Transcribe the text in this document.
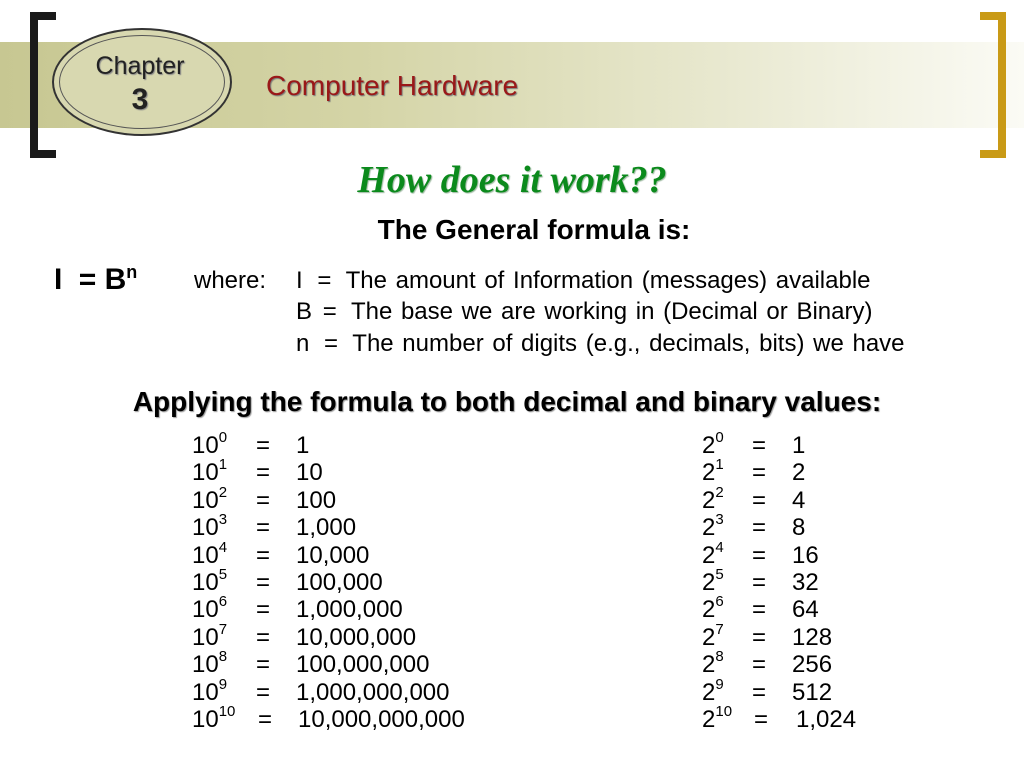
Chapter
3	Computer Hardware
How does it work??
The General formula is:
$I = B^n$ where: I = The amount of Information (messages) available
B = The base we are working in (Decimal or Binary)
n = The number of digits (e.g., decimals, bits) we have
Applying the formula to both decimal and binary values:
$10^0 = 1$
$10^1 = 10$
$10^2 = 100$
$10^3 = 1,000$
$10^4 = 10,000$
$10^5 = 100,000$
$10^6 = 1,000,000$
$10^7 = 10,000,000$
$10^8 = 100,000,000$
$10^9 = 1,000,000,000$
$10^{10} = 10,000,000,000$
$2^0 = 1$
$2^1 = 2$
$2^2 = 4$
$2^3 = 8$
$2^4 = 16$
$2^5 = 32$
$2^6 = 64$
$2^7 = 128$
$2^8 = 256$
$2^9 = 512$
$2^{10} = 1,024$
